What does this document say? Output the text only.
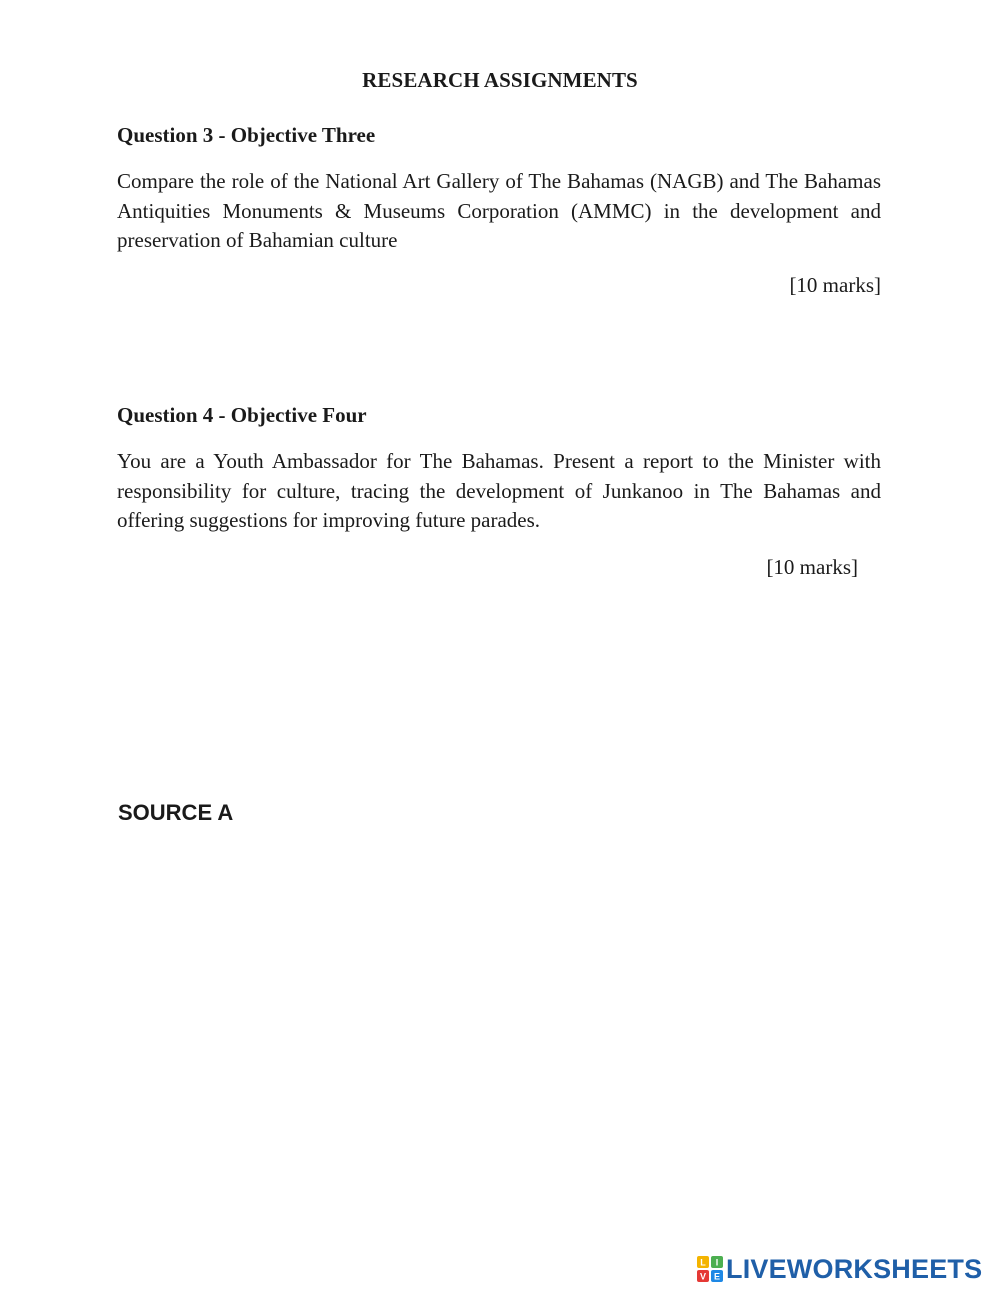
RESEARCH ASSIGNMENTS
Question 3 - Objective Three
Compare the role of the National Art Gallery of The Bahamas (NAGB) and The Bahamas Antiquities Monuments & Museums Corporation (AMMC) in the development and preservation of Bahamian culture
[10 marks]
Question 4 - Objective Four
You are a Youth Ambassador for The Bahamas. Present a report to the Minister with responsibility for culture, tracing the development of Junkanoo in The Bahamas and offering suggestions for improving future parades.
[10 marks]
SOURCE A
L I
V E LIVEWORKSHEETS
